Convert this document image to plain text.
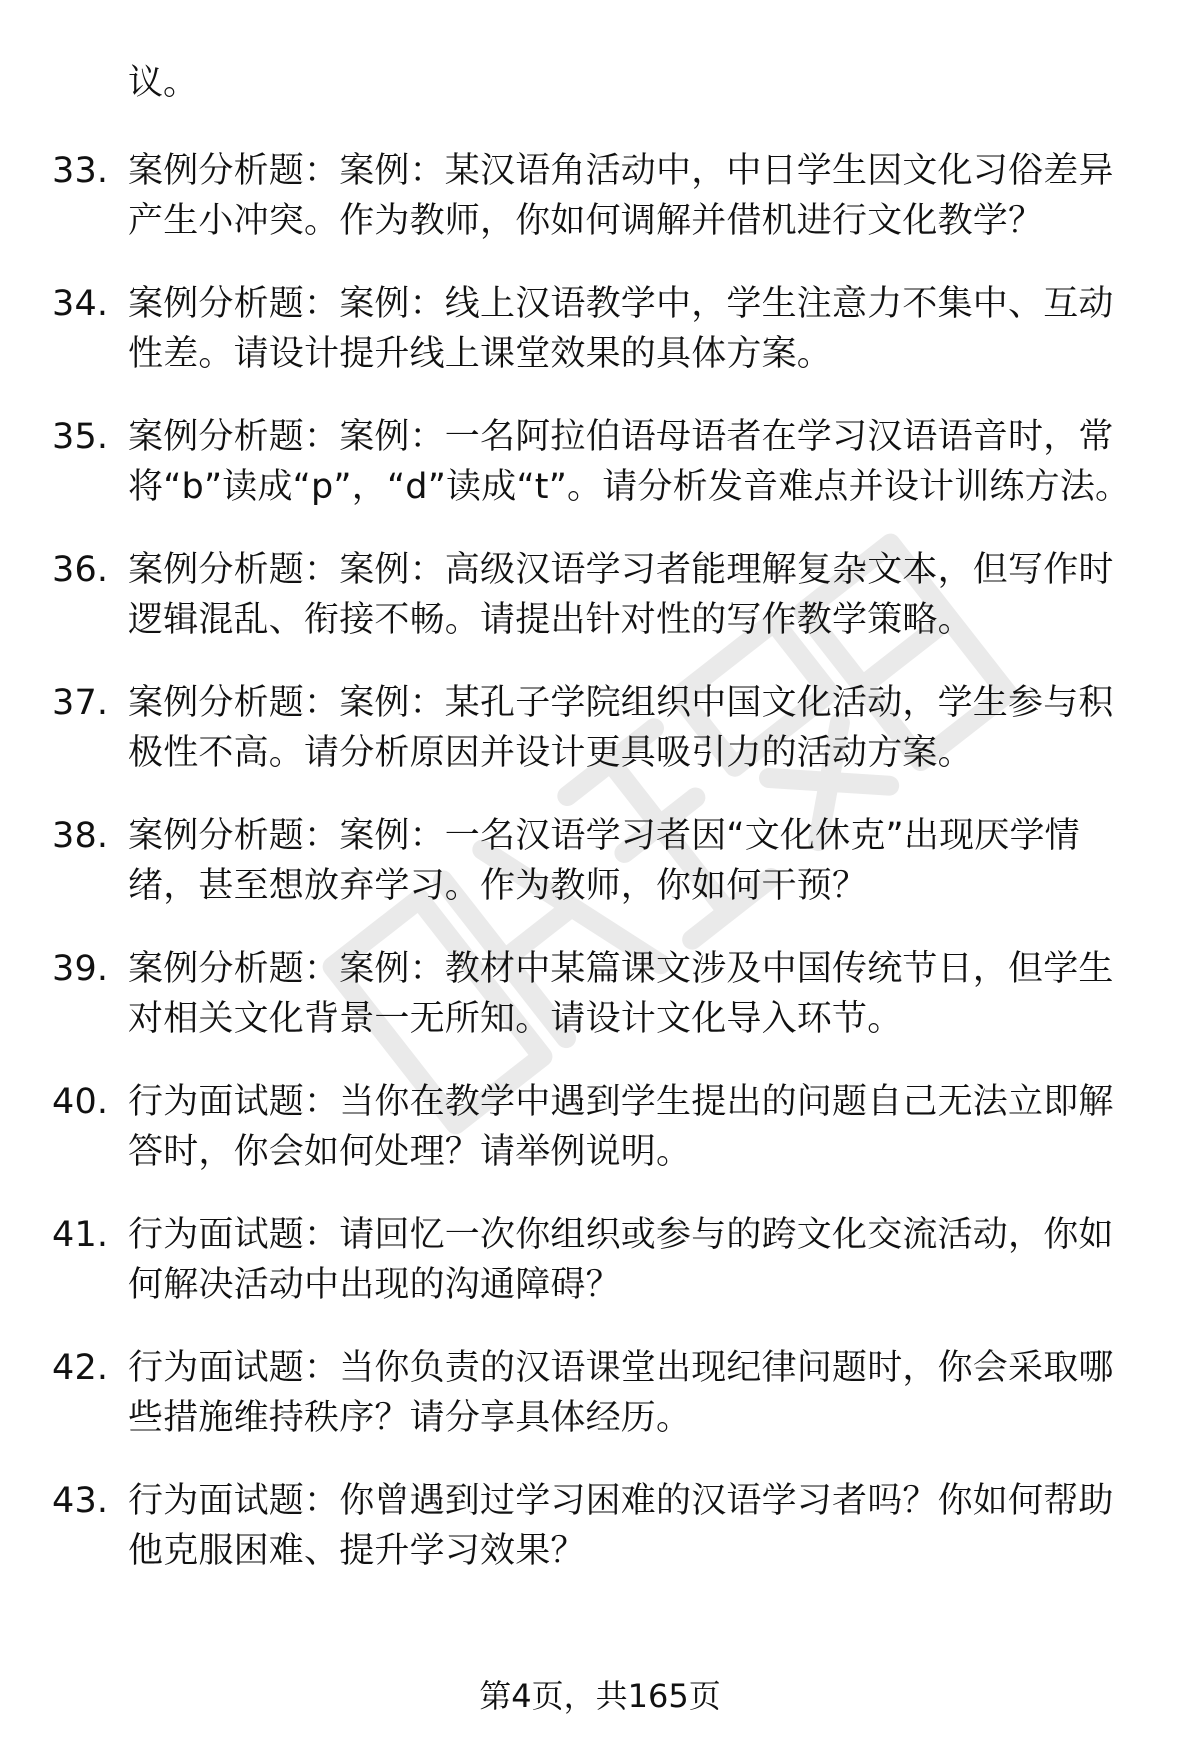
议。

33. 案例分析题：案例：某汉语角活动中，中日学生因文化习俗差异产生小冲突。作为教师，你如何调解并借机进行文化教学？
34. 案例分析题：案例：线上汉语教学中，学生注意力不集中、互动性差。请设计提升线上课堂效果的具体方案。
35. 案例分析题：案例：一名阿拉伯语母语者在学习汉语语音时，常将“b”读成“p”，“d”读成“t”。请分析发音难点并设计训练方法。
36. 案例分析题：案例：高级汉语学习者能理解复杂文本，但写作时逻辑混乱、衔接不畅。请提出针对性的写作教学策略。
37. 案例分析题：案例：某孔子学院组织中国文化活动，学生参与积极性不高。请分析原因并设计更具吸引力的活动方案。
38. 案例分析题：案例：一名汉语学习者因“文化休克”出现厌学情绪，甚至想放弃学习。作为教师，你如何干预？
39. 案例分析题：案例：教材中某篇课文涉及中国传统节日，但学生对相关文化背景一无所知。请设计文化导入环节。
40. 行为面试题：当你在教学中遇到学生提出的问题自己无法立即解答时，你会如何处理？请举例说明。
41. 行为面试题：请回忆一次你组织或参与的跨文化交流活动，你如何解决活动中出现的沟通障碍？
42. 行为面试题：当你负责的汉语课堂出现纪律问题时，你会采取哪些措施维持秩序？请分享具体经历。
43. 行为面试题：你曾遇到过学习困难的汉语学习者吗？你如何帮助他克服困难、提升学习效果？
第4页，共165页
